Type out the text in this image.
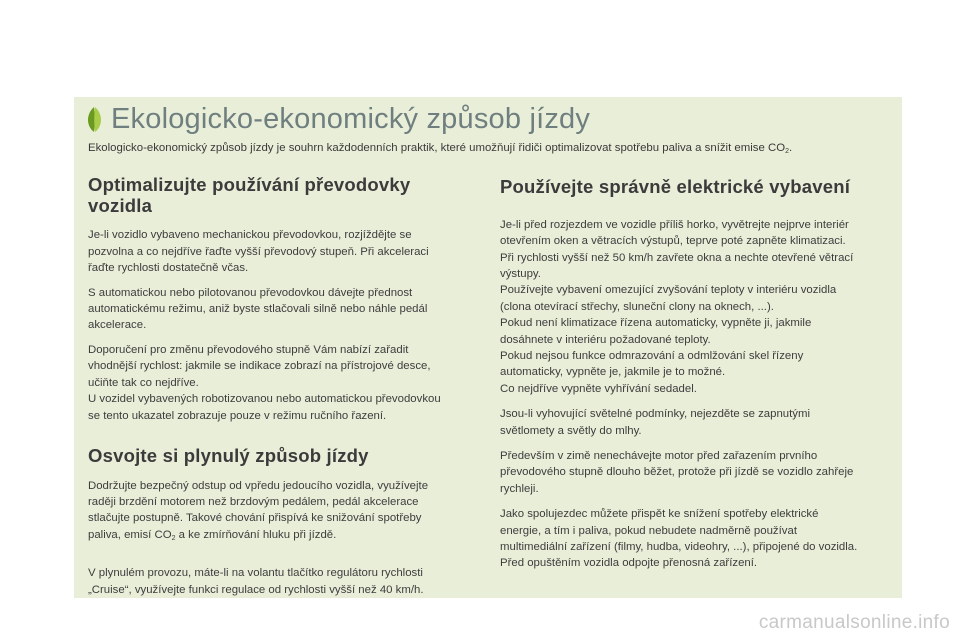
Ekologicko-ekonomický způsob jízdy
Ekologicko-ekonomický způsob jízdy je souhrn každodenních praktik, které umožňují řidiči optimalizovat spotřebu paliva a snížit emise $CO_2$.
Optimalizujte používání převodovky
vozidla

Je-li vozidlo vybaveno mechanickou převodovkou, rozjíždějte se
pozvolna a co nejdříve řaďte vyšší převodový stupeň. Při akceleraci
řaďte rychlosti dostatečně včas.

S automatickou nebo pilotovanou převodovkou dávejte přednost
automatickému režimu, aniž byste stlačovali silně nebo náhle pedál
akcelerace.

Doporučení pro změnu převodového stupně Vám nabízí zařadit
vhodnější rychlost: jakmile se indikace zobrazí na přístrojové desce,
učiňte tak co nejdříve.
U vozidel vybavených robotizovanou nebo automatickou převodovkou
se tento ukazatel zobrazuje pouze v režimu ručního řazení.

Osvojte si plynulý způsob jízdy

Dodržujte bezpečný odstup od vpředu jedoucího vozidla, využívejte
raději brzdění motorem než brzdovým pedálem, pedál akcelerace
stlačujte postupně. Takové chování přispívá ke snižování spotřeby
paliva, emisí $CO_2$ a ke zmírňování hluku při jízdě.

V plynulém provozu, máte-li na volantu tlačítko regulátoru rychlosti
„Cruise“, využívejte funkci regulace od rychlosti vyšší než 40 km/h.

Používejte správně elektrické vybavení

Je-li před rozjezdem ve vozidle příliš horko, vyvětrejte nejprve interiér
otevřením oken a větracích výstupů, teprve poté zapněte klimatizaci.
Při rychlosti vyšší než 50 km/h zavřete okna a nechte otevřené větrací
výstupy.
Používejte vybavení omezující zvyšování teploty v interiéru vozidla
(clona otevírací střechy, sluneční clony na oknech, ...).
Pokud není klimatizace řízena automaticky, vypněte ji, jakmile
dosáhnete v interiéru požadované teploty.
Pokud nejsou funkce odmrazování a odmlžování skel řízeny
automaticky, vypněte je, jakmile je to možné.
Co nejdříve vypněte vyhřívání sedadel.

Jsou-li vyhovující světelné podmínky, nejezděte se zapnutými
světlomety a světly do mlhy.

Především v zimě nenechávejte motor před zařazením prvního
převodového stupně dlouho běžet, protože při jízdě se vozidlo zahřeje
rychleji.

Jako spolujezdec můžete přispět ke snížení spotřeby elektrické
energie, a tím i paliva, pokud nebudete nadměrně používat
multimediální zařízení (filmy, hudba, videohry, ...), připojené do vozidla.
Před opuštěním vozidla odpojte přenosná zařízení.

carmanualsonline.info
